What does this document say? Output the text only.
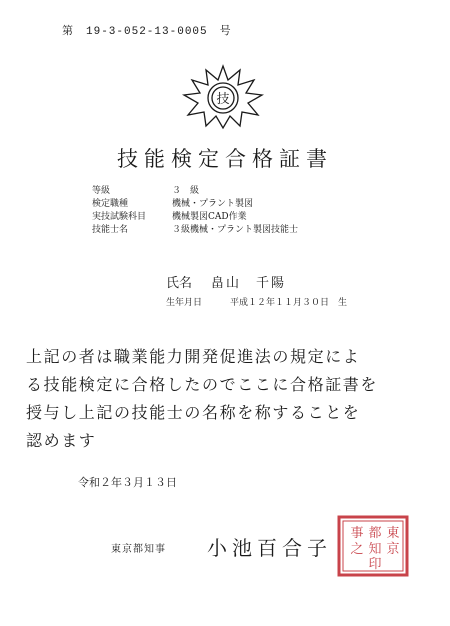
第　19-3-052-13-0005　号
技
技能検定合格証書
等級	３　級
検定職種	機械・プラント製図
実技試験科目	機械製図CAD作業
技能士名	３級機械・プラント製図技能士
氏名 畠山　千陽
生年月日	平成１２年１１月３０日　生
上記の者は職業能力開発促進法の規定によ
る技能検定に合格したのでここに合格証書を
授与し上記の技能士の名称を称することを
認めます
令和２年３月１３日
東京都知事 小池百合子
東
京
都
知
事
之
印
